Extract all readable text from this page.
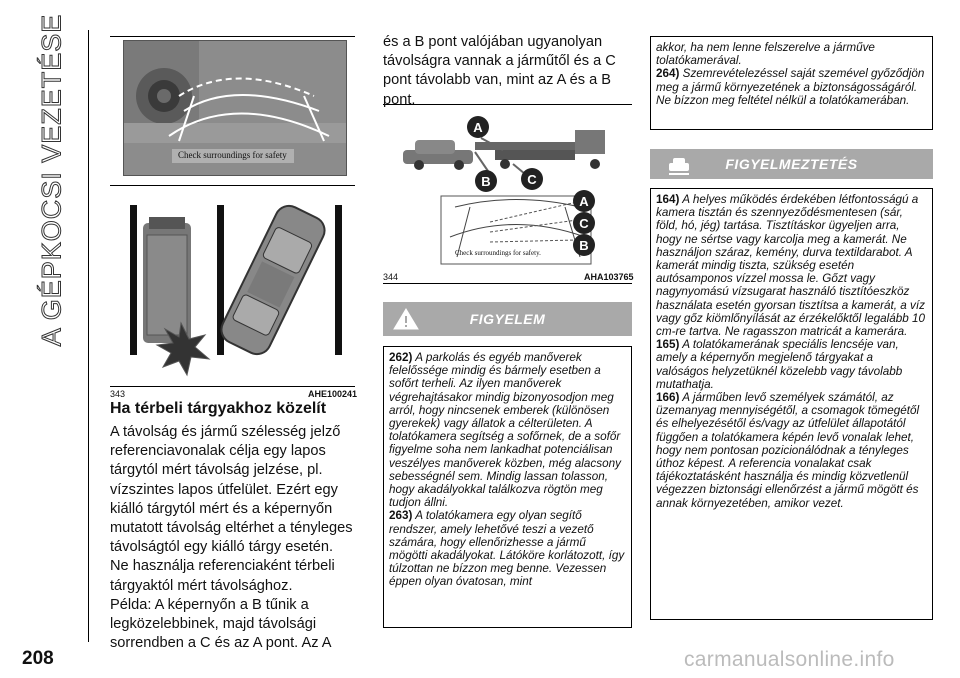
A GÉPKOCSI VEZETÉSE	Check surroundings for safety
343	AHE100241
Ha térbeli tárgyakhoz közelít

A távolság és jármű szélesség jelző referenciavonalak célja egy lapos tárgytól mért távolság jelzése, pl. vízszintes lapos útfelület. Ezért egy kiálló tárgytól mért és a képernyőn mutatott távolság eltérhet a tényleges távolságtól egy kiálló tárgy esetén.

Ne használja referenciaként térbeli tárgyaktól mért távolsághoz.

Példa: A képernyőn a B tűnik a legközelebbinek, majd távolsági sorrendben a C és az A pont. Az A

és a B pont valójában ugyanolyan távolságra vannak a járműtől és a C pont távolabb van, mint az A és a B pont.

A
B	C
A
C
B
Check surroundings for safety.
344	AHA103765
FIGYELEM

262) A parkolás és egyéb manőverek felelőssége mindig és bármely esetben a sofőrt terheli. Az ilyen manőverek végrehajtásakor mindig bizonyosodjon meg arról, hogy nincsenek emberek (különösen gyerekek) vagy állatok a célterületen. A tolatókamera segítség a sofőrnek, de a sofőr figyelme soha nem lankadhat potenciálisan veszélyes manőverek közben, még alacsony sebességnél sem. Mindig lassan tolasson, hogy akadályokkal találkozva rögtön meg tudjon állni.

263) A tolatókamera egy olyan segítő rendszer, amely lehetővé teszi a vezető számára, hogy ellenőrizhesse a jármű mögötti akadályokat. Látóköre korlátozott, így túlzottan ne bízzon meg benne. Vezessen éppen olyan óvatosan, mint

akkor, ha nem lenne felszerelve a járműve tolatókamerával.

264) Szemrevételezéssel saját szemével győződjön meg a jármű környezetének a biztonságosságáról. Ne bízzon meg feltétel nélkül a tolatókamerában.

FIGYELMEZTETÉS

164) A helyes működés érdekében létfontosságú a kamera tisztán és szennyeződésmentesen (sár, föld, hó, jég) tartása. Tisztításkor ügyeljen arra, hogy ne sértse vagy karcolja meg a kamerát. Ne használjon száraz, kemény, durva textildarabot. A kamerát mindig tiszta, szükség esetén autósamponos vízzel mossa le. Gőzt vagy nagynyomású vízsugarat használó tisztítóeszköz használata esetén gyorsan tisztítsa a kamerát, a víz vagy gőz kiömlőnyílását az érzékelőktől legalább 10 cm-re tartva. Ne ragasszon matricát a kamerára.

165) A tolatókamerának speciális lencséje van, amely a képernyőn megjelenő tárgyakat a valóságos helyzetüknél közelebb vagy távolabb mutathatja.

166) A járműben levő személyek számától, az üzemanyag mennyiségétől, a csomagok tömegétől és elhelyezésétől és/vagy az útfelület állapotától függően a tolatókamera képén levő vonalak lehet, hogy nem pontosan pozicionálódnak a tényleges úthoz képest. A referencia vonalakat csak tájékoztatásként használja és mindig közvetlenül végezzen biztonsági ellenőrzést a jármű mögött és annak környezetében, amikor vezet.

208	carmanualsonline.info
